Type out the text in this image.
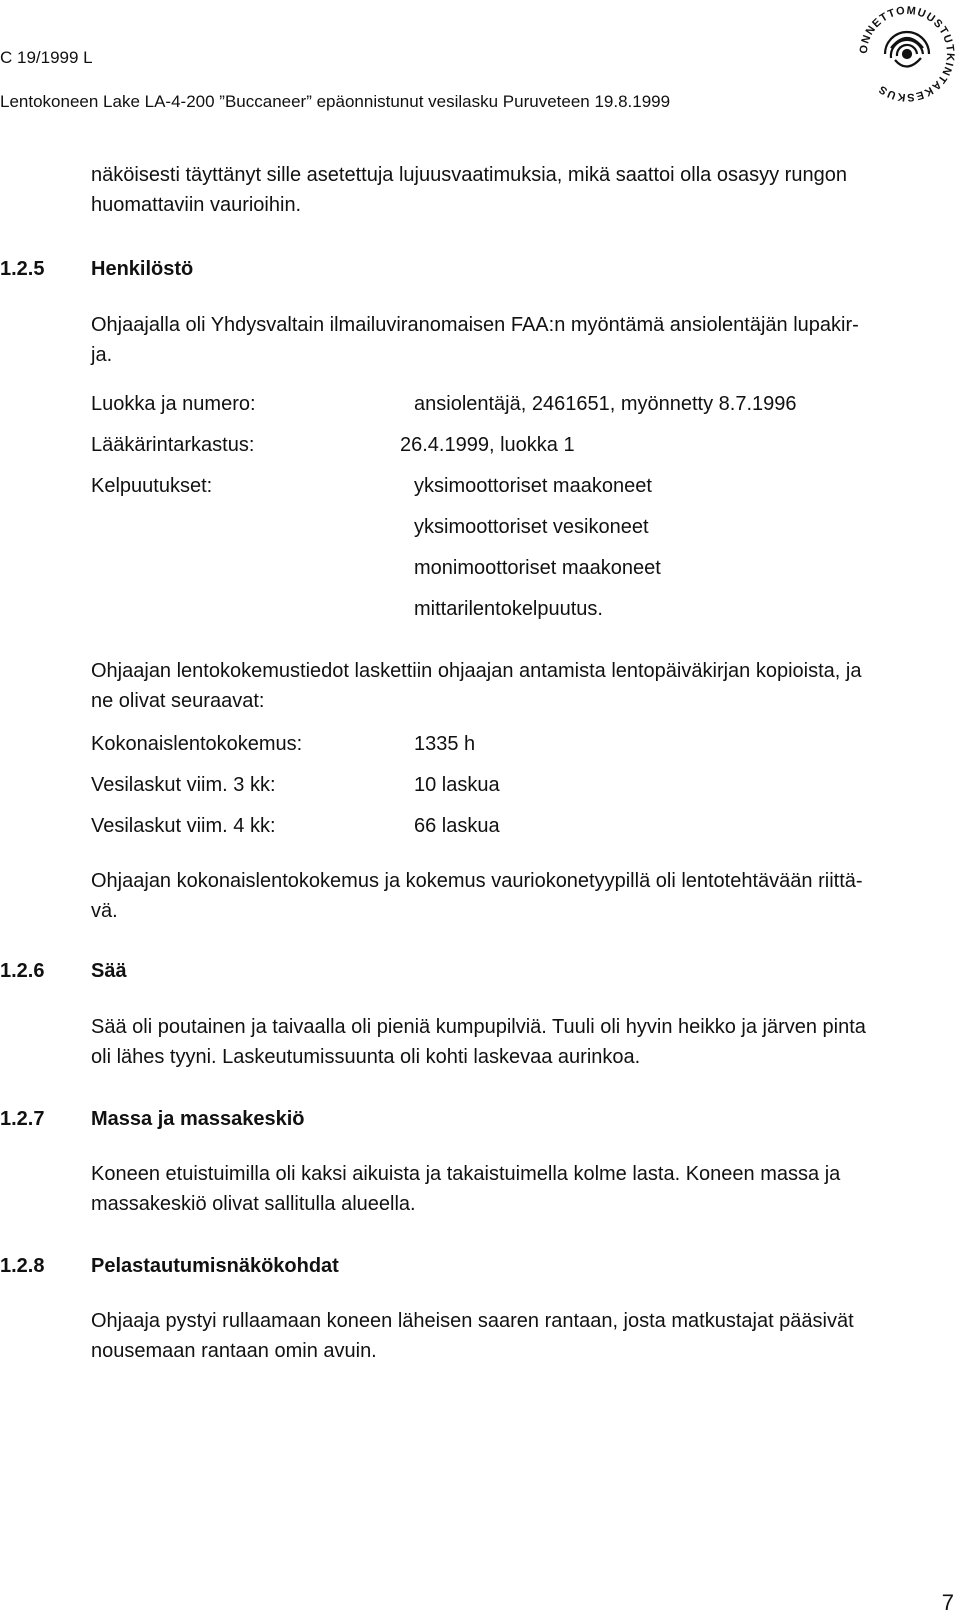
C 19/1999 L
Lentokoneen Lake LA-4-200 ”Buccaneer” epäonnistunut vesilasku Puruveteen 19.8.1999
ONNETTOMUUSTUTKINTAKESKUS
näköisesti täyttänyt sille asetettuja lujuusvaatimuksia, mikä saattoi olla osasyy rungon
huomattaviin vaurioihin.
1.2.5 Henkilöstö
Ohjaajalla oli Yhdysvaltain ilmailuviranomaisen FAA:n myöntämä ansiolentäjän lupakir-
ja.
Luokka ja numero:	ansiolentäjä, 2461651, myönnetty 8.7.1996
Lääkärintarkastus:	26.4.1999, luokka 1
Kelpuutukset:	yksimoottoriset maakoneet
yksimoottoriset vesikoneet
monimoottoriset maakoneet
mittarilentokelpuutus.
Ohjaajan lentokokemustiedot laskettiin ohjaajan antamista lentopäiväkirjan kopioista, ja
ne olivat seuraavat:
Kokonaislentokokemus:	1335 h
Vesilaskut viim. 3 kk:	10 laskua
Vesilaskut viim. 4 kk:	66 laskua
Ohjaajan kokonaislentokokemus ja kokemus vauriokonetyypillä oli lentotehtävään riittä-
vä.
1.2.6 Sää
Sää oli poutainen ja taivaalla oli pieniä kumpupilviä. Tuuli oli hyvin heikko ja järven pinta
oli lähes tyyni. Laskeutumissuunta oli kohti laskevaa aurinkoa.
1.2.7 Massa ja massakeskiö
Koneen etuistuimilla oli kaksi aikuista ja takaistuimella kolme lasta. Koneen massa ja
massakeskiö olivat sallitulla alueella.
1.2.8 Pelastautumisnäkökohdat
Ohjaaja pystyi rullaamaan koneen läheisen saaren rantaan, josta matkustajat pääsivät
nousemaan rantaan omin avuin.
7
